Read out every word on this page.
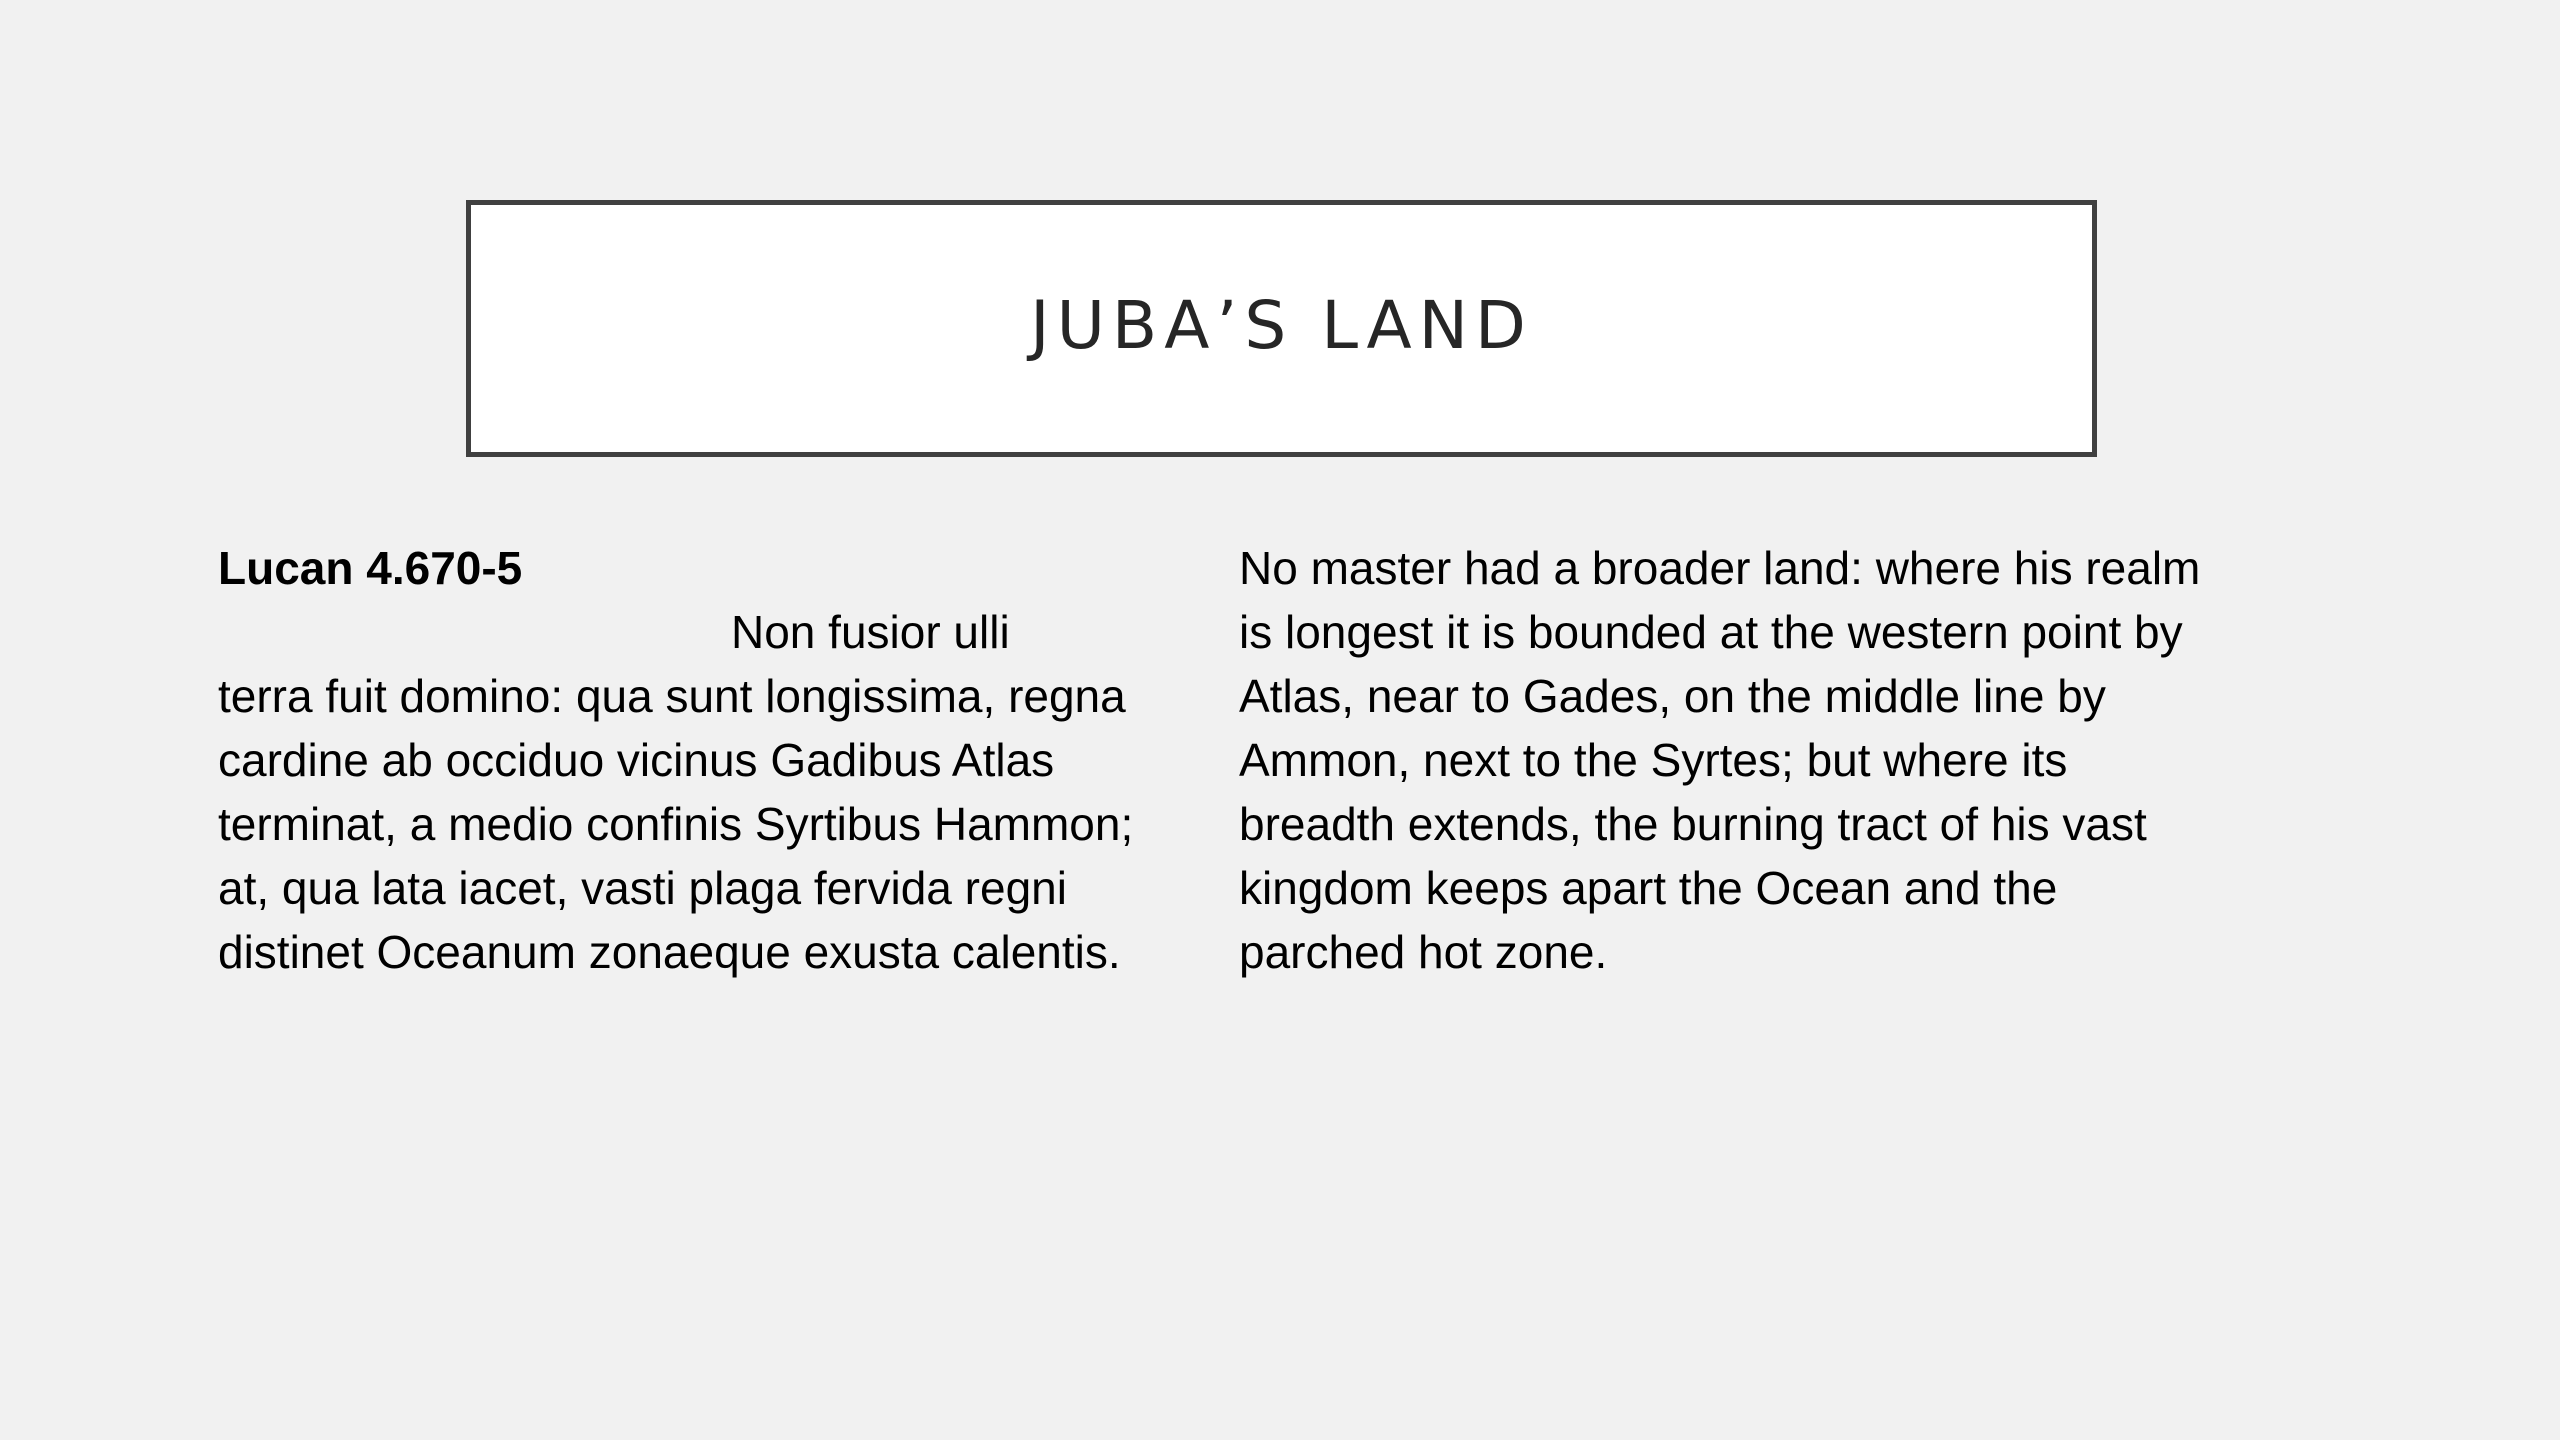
JUBA’S LAND
Lucan 4.670-5
Non fusior ulli
terra fuit domino: qua sunt longissima, regna
cardine ab occiduo vicinus Gadibus Atlas
terminat, a medio confinis Syrtibus Hammon;
at, qua lata iacet, vasti plaga fervida regni
distinet Oceanum zonaeque exusta calentis.
No master had a broader land: where his realm
is longest it is bounded at the western point by
Atlas, near to Gades, on the middle line by
Ammon, next to the Syrtes; but where its
breadth extends, the burning tract of his vast
kingdom keeps apart the Ocean and the
parched hot zone.
